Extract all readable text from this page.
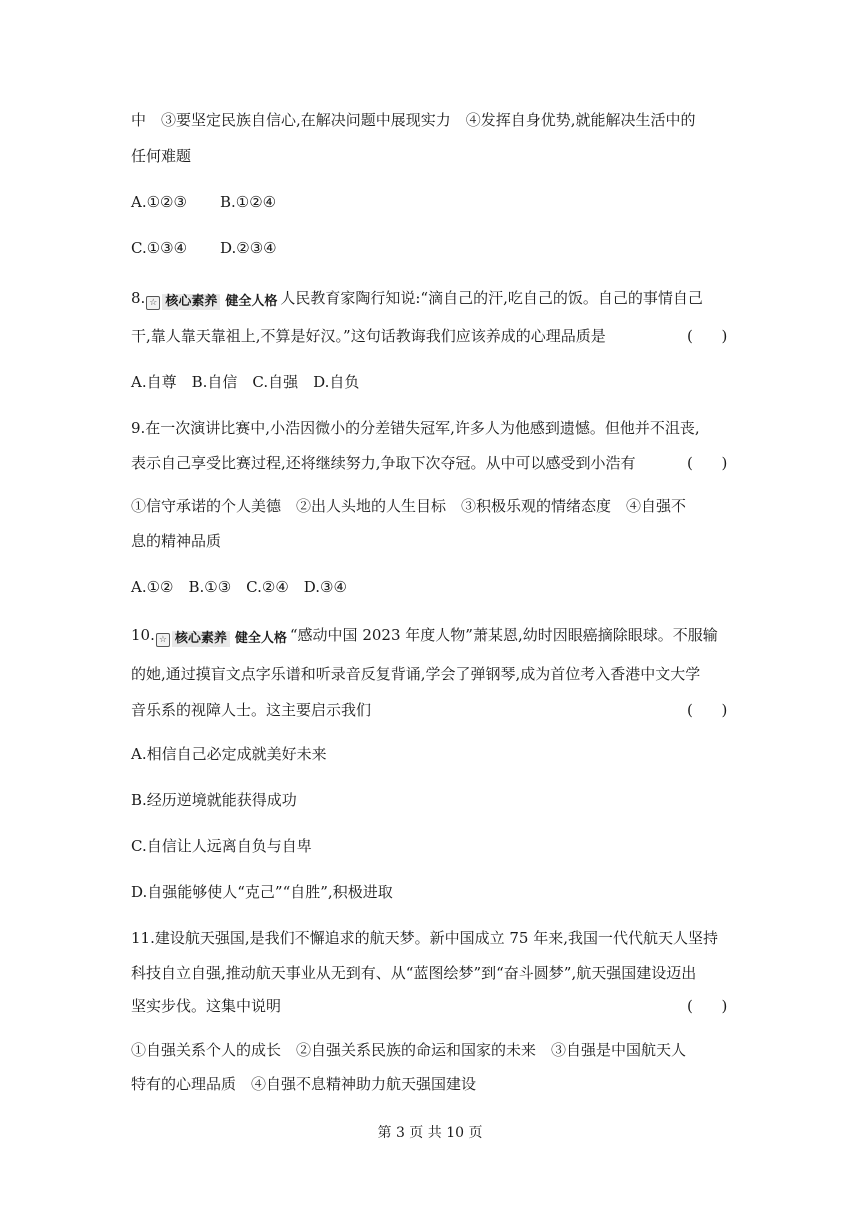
中　③要坚定民族自信心,在解决问题中展现实力　④发挥自身优势,就能解决生活中的
任何难题
A.①②③ B.①②④
C.①③④ D.②③④
8. ☆ 核心素养 健全人格 人民教育家陶行知说:“滴自己的汗,吃自己的饭。自己的事情自己
干,靠人靠天靠祖上,不算是好汉。”这句话教诲我们应该养成的心理品质是	(      )
A.自尊　B.自信　C.自强　D.自负
9.在一次演讲比赛中,小浩因微小的分差错失冠军,许多人为他感到遗憾。但他并不沮丧,
表示自己享受比赛过程,还将继续努力,争取下次夺冠。从中可以感受到小浩有	(      )
①信守承诺的个人美德　②出人头地的人生目标　③积极乐观的情绪态度　④自强不
息的精神品质
A.①②　B.①③　C.②④　D.③④
10. ☆ 核心素养 健全人格 “感动中国 2023 年度人物”萧某恩,幼时因眼癌摘除眼球。不服输
的她,通过摸盲文点字乐谱和听录音反复背诵,学会了弹钢琴,成为首位考入香港中文大学
音乐系的视障人士。这主要启示我们	(      )
A.相信自己必定成就美好未来
B.经历逆境就能获得成功
C.自信让人远离自负与自卑
D.自强能够使人“克己”“自胜”,积极进取
11.建设航天强国,是我们不懈追求的航天梦。新中国成立 75 年来,我国一代代航天人坚持
科技自立自强,推动航天事业从无到有、从“蓝图绘梦”到“奋斗圆梦”,航天强国建设迈出
坚实步伐。这集中说明	(      )
①自强关系个人的成长　②自强关系民族的命运和国家的未来　③自强是中国航天人
特有的心理品质　④自强不息精神助力航天强国建设
第 3 页 共 10 页
